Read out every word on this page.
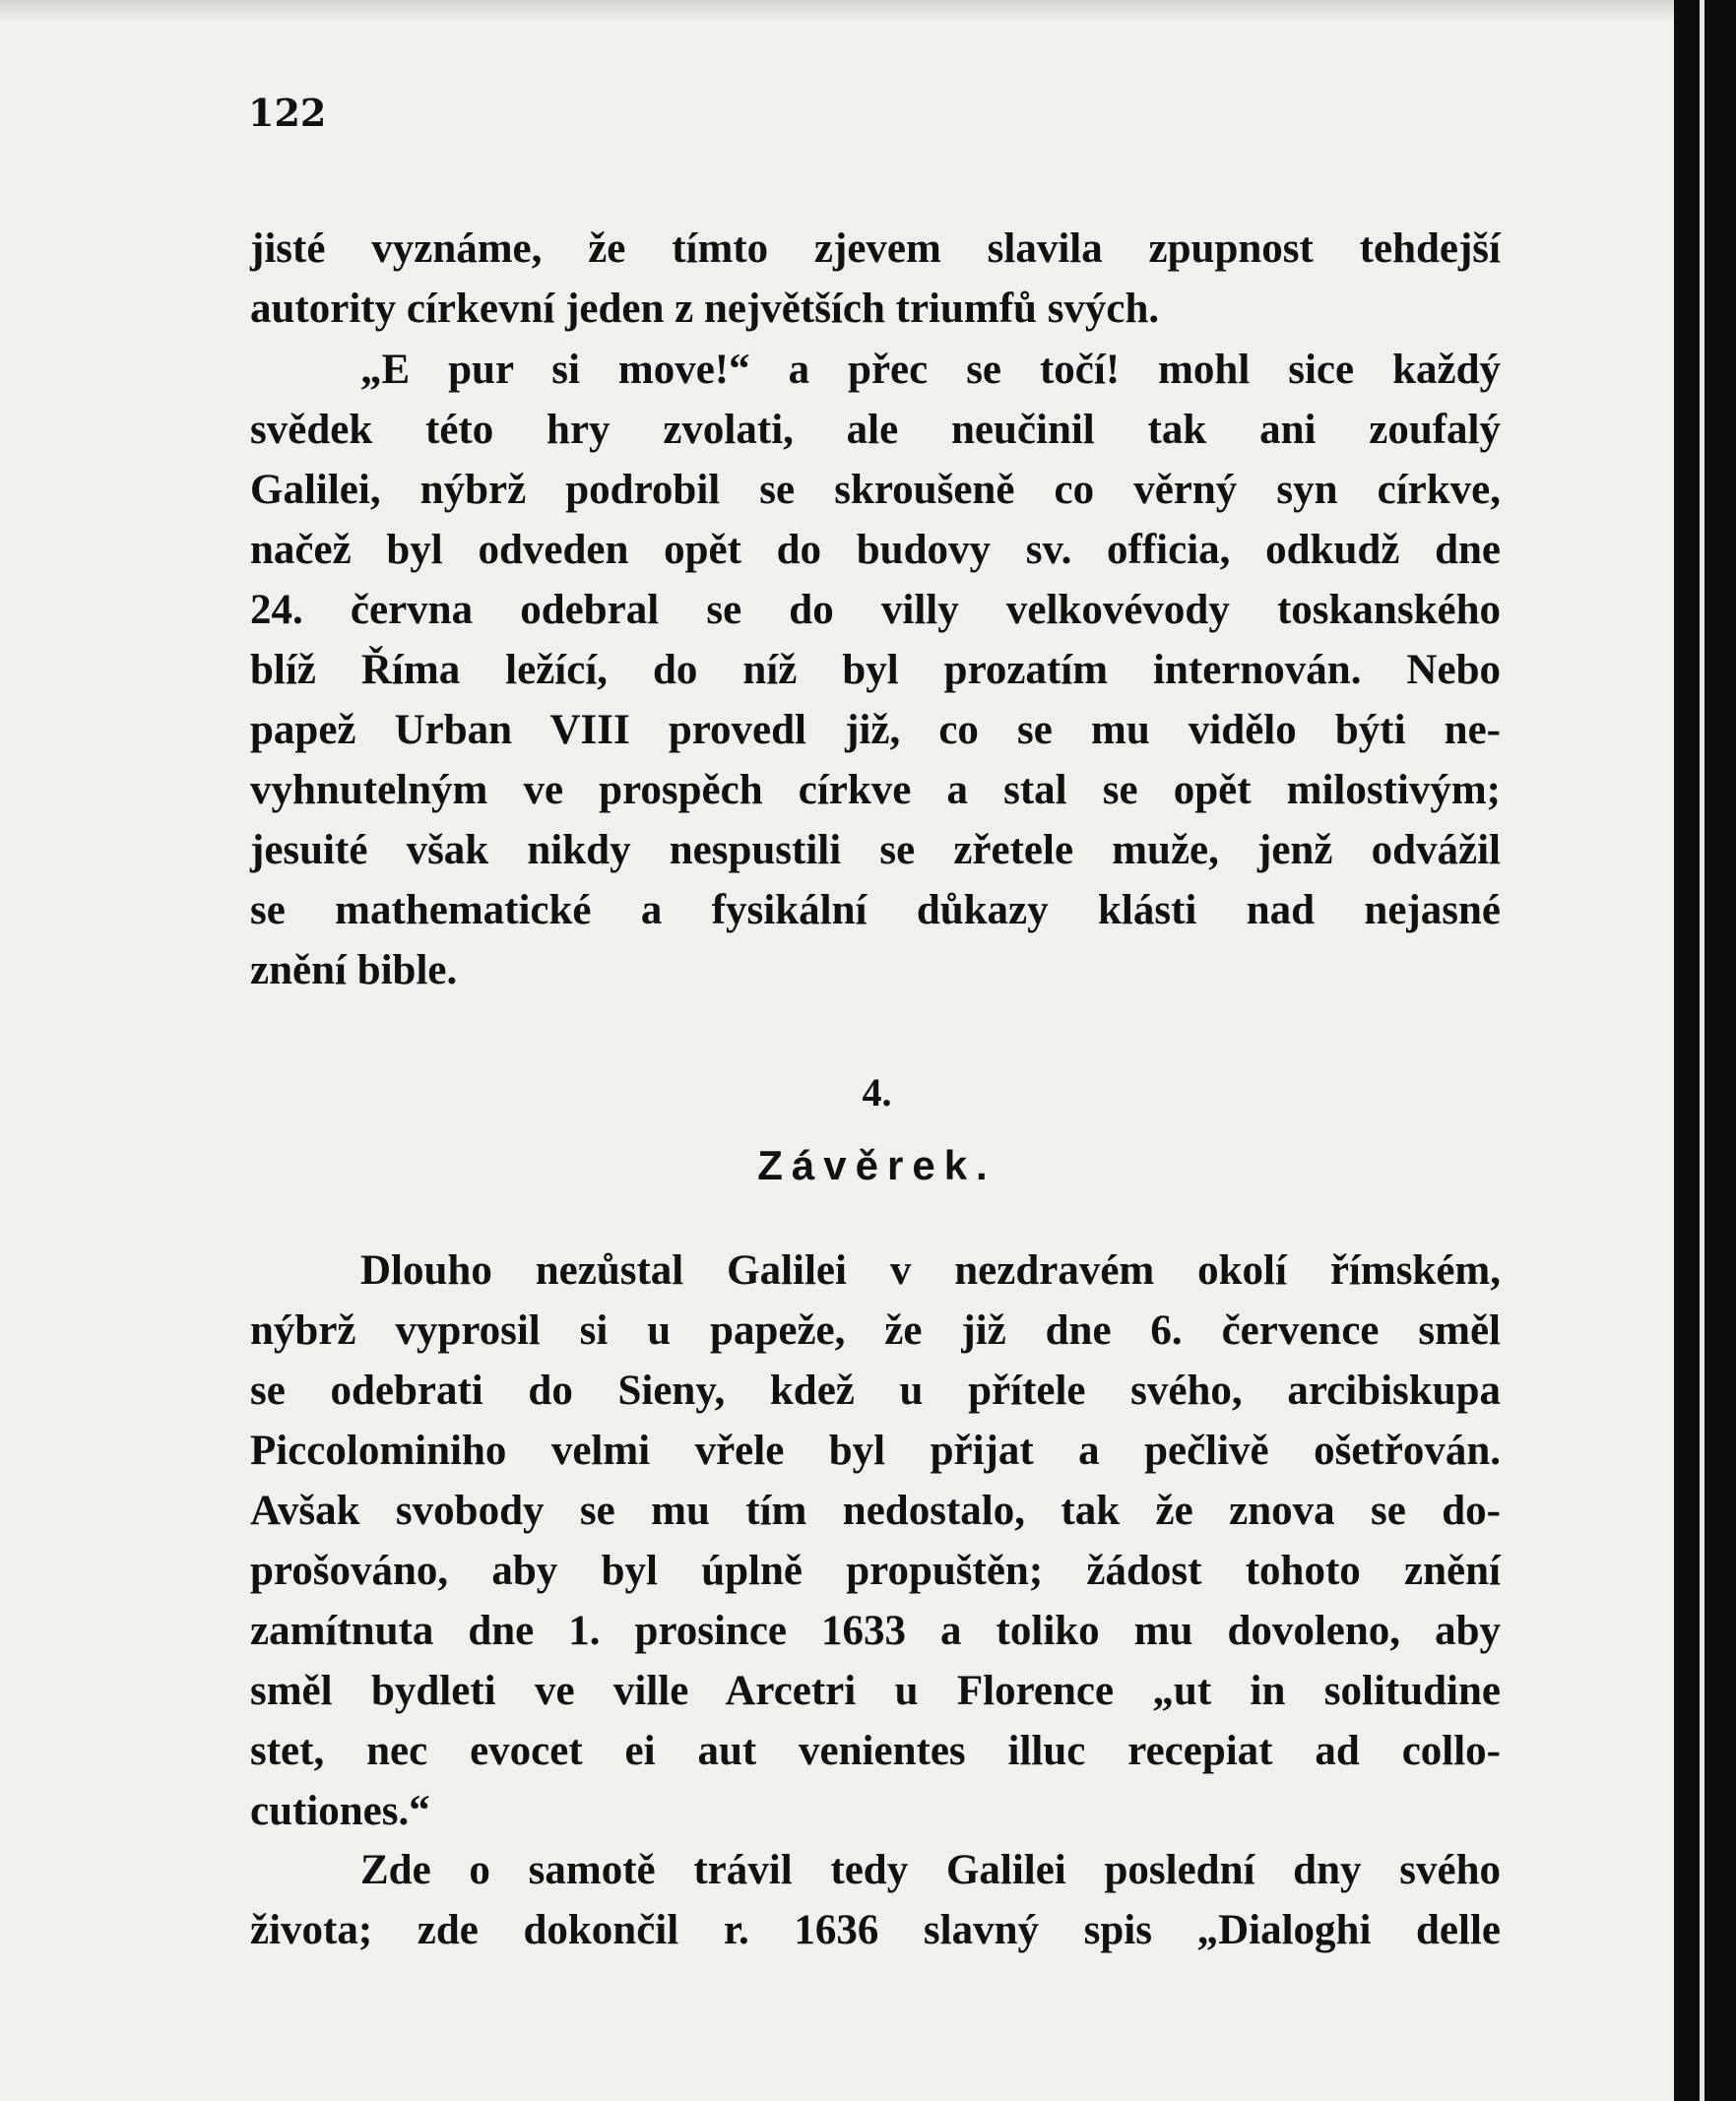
122
jisté vyznáme, že tímto zjevem slavila zpupnost tehdejší
autority církevní jeden z největších triumfů svých.
„E pur si move!“ a přec se točí! mohl sice každý
svědek této hry zvolati, ale neučinil tak ani zoufalý
Galilei, nýbrž podrobil se skroušeně co věrný syn církve,
načež byl odveden opět do budovy sv. officia, odkudž dne
24. června odebral se do villy velkovévody toskanského
blíž Říma ležící, do níž byl prozatím internován. Nebo
papež Urban VIII provedl již, co se mu vidělo býti ne-
vyhnutelným ve prospěch církve a stal se opět milostivým;
jesuité však nikdy nespustili se zřetele muže, jenž odvážil
se mathematické a fysikální důkazy klásti nad nejasné
znění bible.
4.
Závěrek.
Dlouho nezůstal Galilei v nezdravém okolí římském,
nýbrž vyprosil si u papeže, že již dne 6. července směl
se odebrati do Sieny, kdež u přítele svého, arcibiskupa
Piccolominiho velmi vřele byl přijat a pečlivě ošetřován.
Avšak svobody se mu tím nedostalo, tak že znova se do-
prošováno, aby byl úplně propuštěn; žádost tohoto znění
zamítnuta dne 1. prosince 1633 a toliko mu dovoleno, aby
směl bydleti ve ville Arcetri u Florence „ut in solitudine
stet, nec evocet ei aut venientes illuc recepiat ad collo-
cutiones.“
Zde o samotě trávil tedy Galilei poslední dny svého
života; zde dokončil r. 1636 slavný spis „Dialoghi delle
